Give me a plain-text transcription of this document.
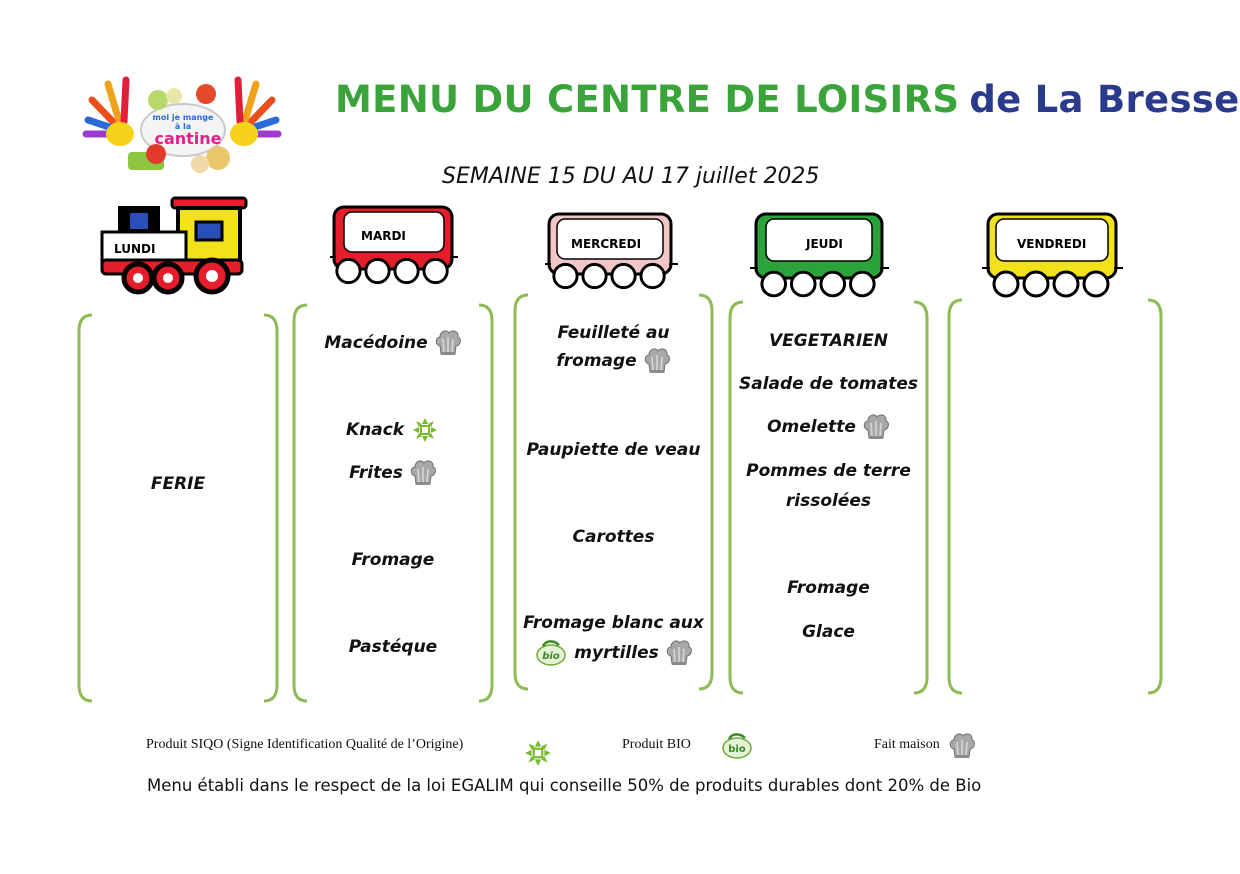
moi je mange
à la
cantine
MENU DU CENTRE DE LOISIRS de La Bresse
SEMAINE 15 DU AU 17 juillet 2025
LUNDI
MARDI
MERCREDI	JEUDI	VENDREDI
FERIE
Macédoine
Knack
Frites
Fromage
Pastéque
Feuilleté au
fromage
Paupiette de veau
Carottes
Fromage blanc aux
myrtilles
VEGETARIEN
Salade de tomates
Omelette
Pommes de terre
rissolées
Fromage
Glace
Produit SIQO (Signe Identification Qualité de l’Origine)	Produit BIO	bio	Fait maison
Menu établi dans le respect de la loi EGALIM qui conseille 50% de produits durables dont 20% de Bio
